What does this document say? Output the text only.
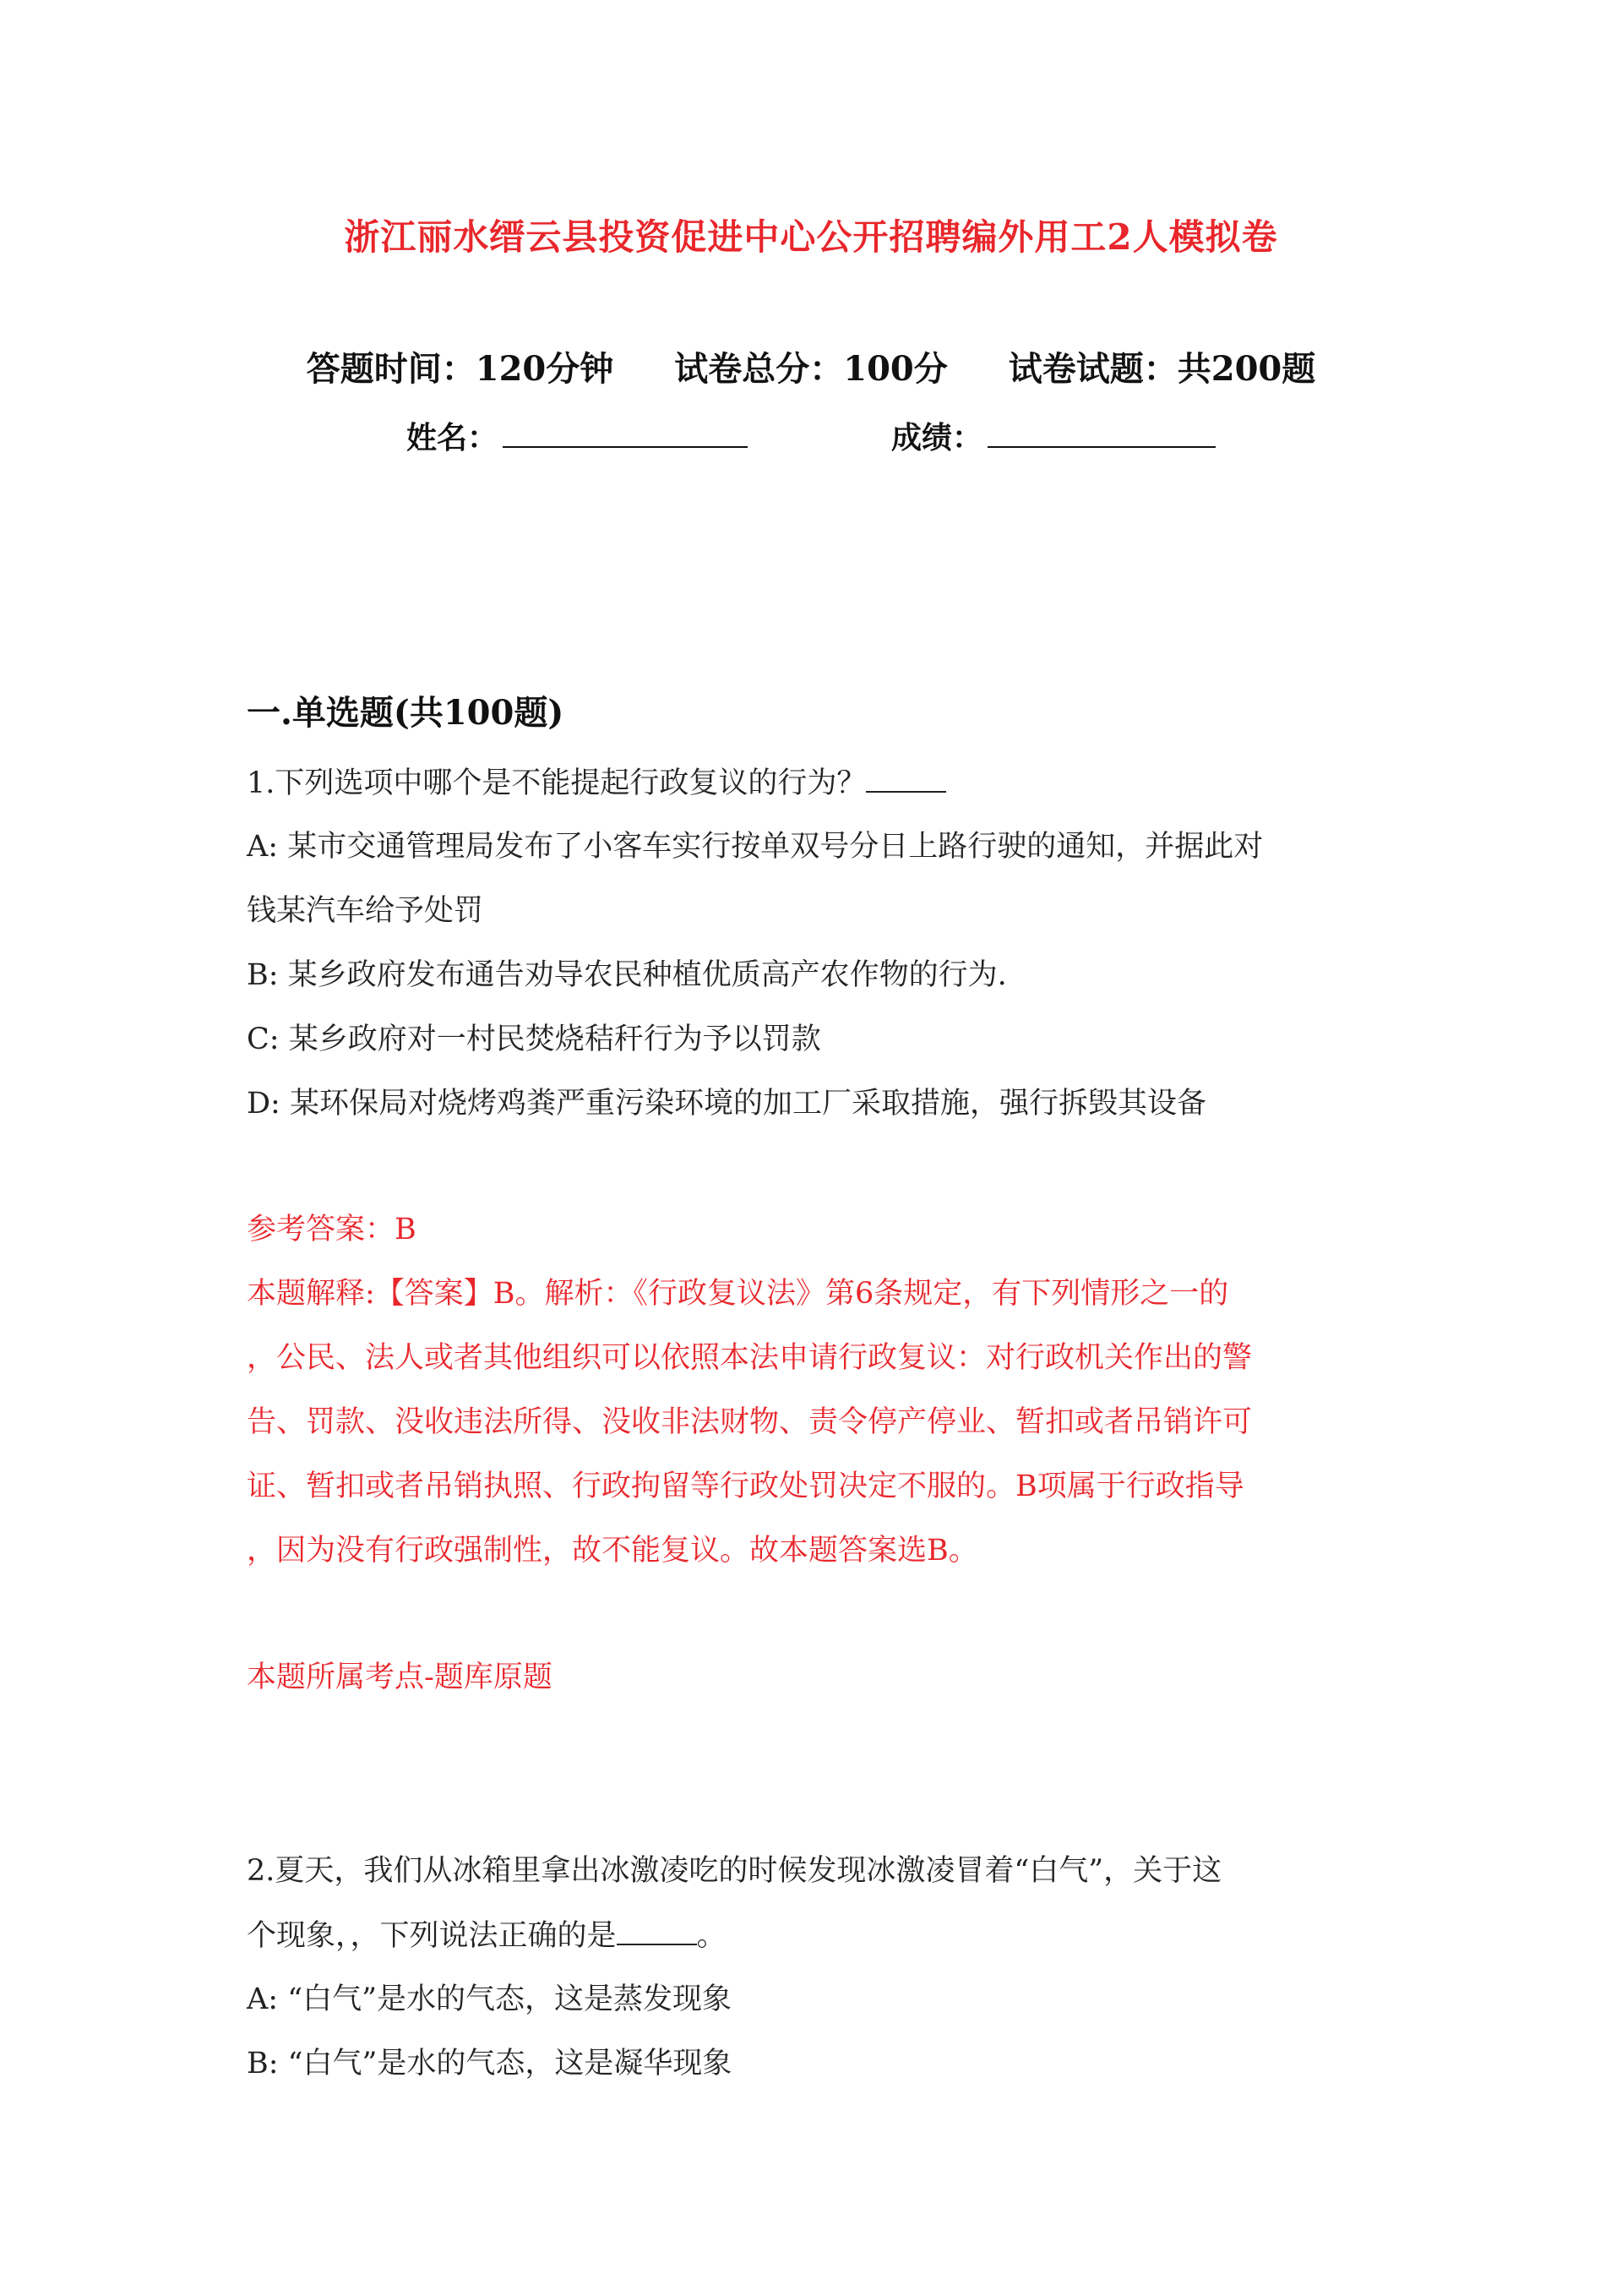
浙江丽水缙云县投资促进中心公开招聘编外用工2人模拟卷
答题时间：120分钟 试卷总分：100分 试卷试题：共200题
姓名：	成绩：
一.单选题(共100题)
1.下列选项中哪个是不能提起行政复议的行为？
A: 某市交通管理局发布了小客车实行按单双号分日上路行驶的通知，并据此对
钱某汽车给予处罚
B: 某乡政府发布通告劝导农民种植优质高产农作物的行为.
C: 某乡政府对一村民焚烧秸秆行为予以罚款
D: 某环保局对烧烤鸡粪严重污染环境的加工厂采取措施，强行拆毁其设备
参考答案：B
本题解释:【答案】B。解析：《行政复议法》第6条规定，有下列情形之一的
，公民、法人或者其他组织可以依照本法申请行政复议：对行政机关作出的警
告、罚款、没收违法所得、没收非法财物、责令停产停业、暂扣或者吊销许可
证、暂扣或者吊销执照、行政拘留等行政处罚决定不服的。B项属于行政指导
，因为没有行政强制性，故不能复议。故本题答案选B。
本题所属考点-题库原题
2.夏天，我们从冰箱里拿出冰激凌吃的时候发现冰激凌冒着“白气”，关于这
个现象，，下列说法正确的是	。
A: “白气”是水的气态，这是蒸发现象
B: “白气”是水的气态，这是凝华现象
